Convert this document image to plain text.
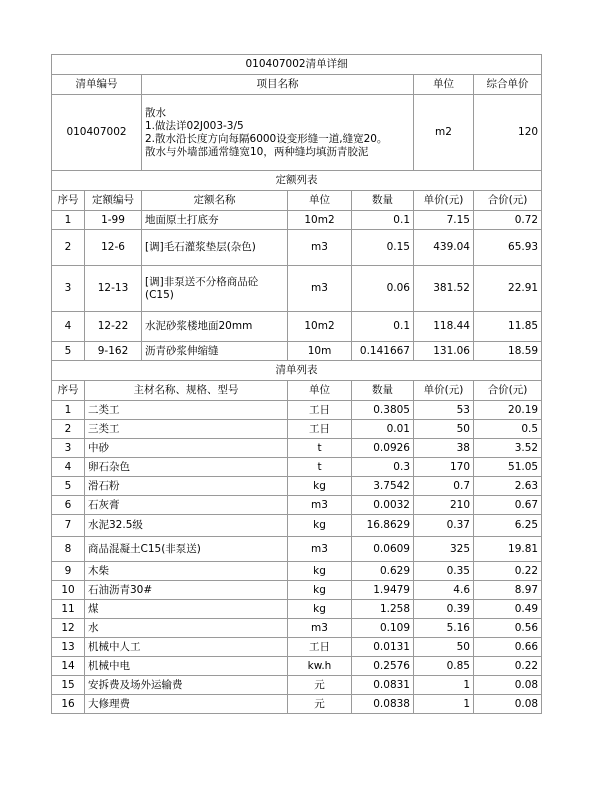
010407002清单详细						
清单编号		项目名称			单位	综合单价
010407002		散水
1.做法详02J003-3/5
2.散水沿长度方向每隔6000设变形缝一道,缝宽20。
散水与外墙部通常缝宽10，两种缝均填沥青胶泥			m2	120
定额列表						
序号	定额编号	定额名称	单位	数量	单价(元)	合价(元)
1	1-99	地面原土打底夯	10m2	0.1	7.15	0.72
2	12-6	[调]毛石灌浆垫层(杂色)	m3	0.15	439.04	65.93
3	12-13	[调]非泵送不分格商品砼(C15)	m3	0.06	381.52	22.91
4	12-22	水泥砂浆楼地面20mm	10m2	0.1	118.44	11.85
5	9-162	沥青砂浆伸缩缝	10m	0.141667	131.06	18.59
清单列表						
序号	主材名称、规格、型号		单位	数量	单价(元)	合价(元)
1	二类工		工日	0.3805	53	20.19
2	三类工		工日	0.01	50	0.5
3	中砂		t	0.0926	38	3.52
4	卵石杂色		t	0.3	170	51.05
5	滑石粉		kg	3.7542	0.7	2.63
6	石灰膏		m3	0.0032	210	0.67
7	水泥32.5级		kg	16.8629	0.37	6.25
8	商品混凝土C15(非泵送)		m3	0.0609	325	19.81
9	木柴		kg	0.629	0.35	0.22
10	石油沥青30#		kg	1.9479	4.6	8.97
11	煤		kg	1.258	0.39	0.49
12	水		m3	0.109	5.16	0.56
13	机械中人工		工日	0.0131	50	0.66
14	机械中电		kw.h	0.2576	0.85	0.22
15	安拆费及场外运输费		元	0.0831	1	0.08
16	大修理费		元	0.0838	1	0.08
